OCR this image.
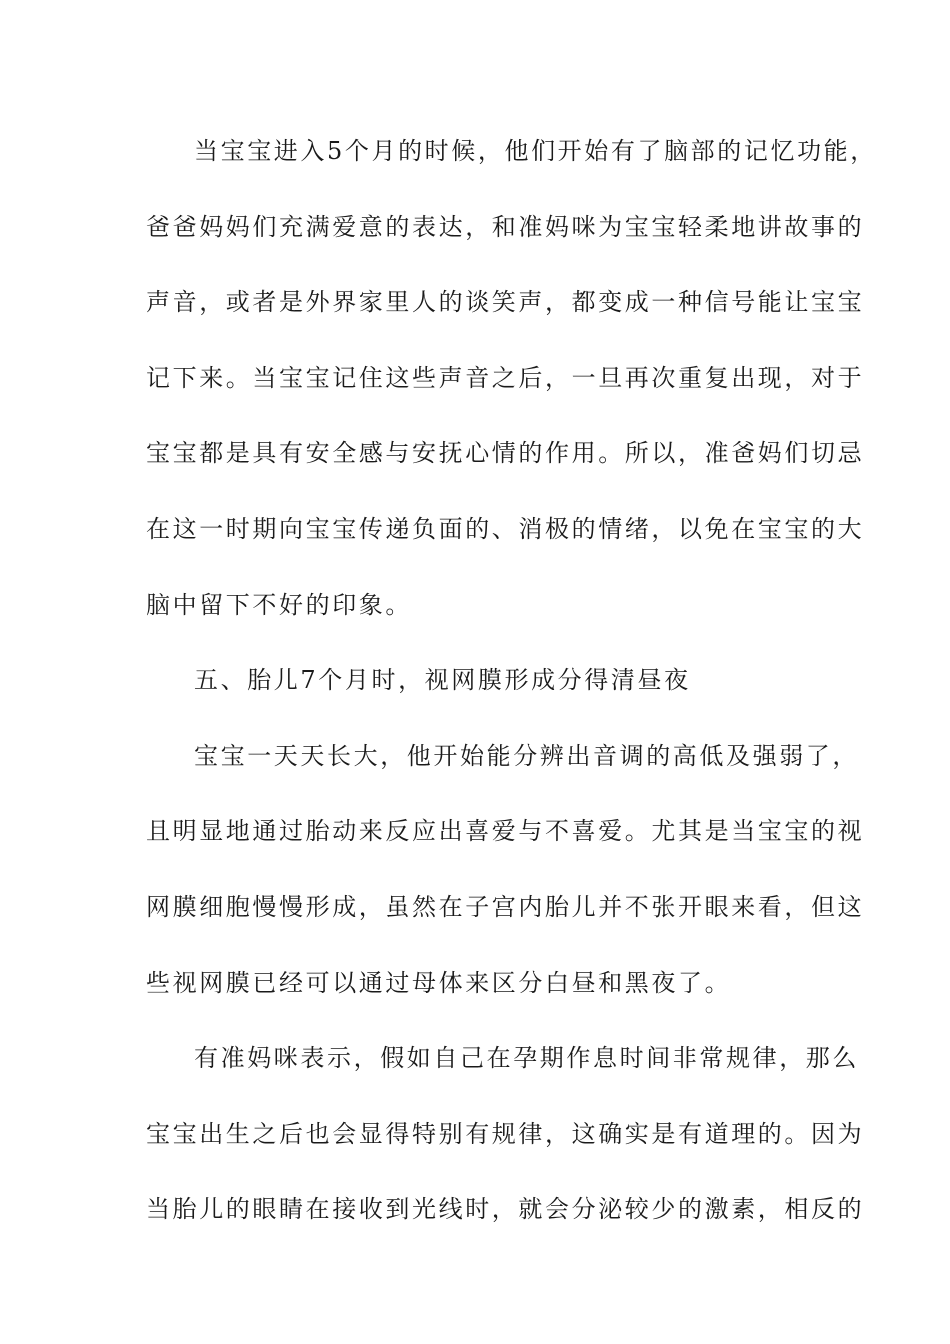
当宝宝进入5个月的时候，他们开始有了脑部的记忆功能，
爸爸妈妈们充满爱意的表达，和准妈咪为宝宝轻柔地讲故事的
声音，或者是外界家里人的谈笑声，都变成一种信号能让宝宝
记下来。当宝宝记住这些声音之后，一旦再次重复出现，对于
宝宝都是具有安全感与安抚心情的作用。所以，准爸妈们切忌
在这一时期向宝宝传递负面的、消极的情绪，以免在宝宝的大
脑中留下不好的印象。
五、胎儿7个月时，视网膜形成分得清昼夜
宝宝一天天长大，他开始能分辨出音调的高低及强弱了，
且明显地通过胎动来反应出喜爱与不喜爱。尤其是当宝宝的视
网膜细胞慢慢形成，虽然在子宫内胎儿并不张开眼来看，但这
些视网膜已经可以通过母体来区分白昼和黑夜了。
有准妈咪表示，假如自己在孕期作息时间非常规律，那么
宝宝出生之后也会显得特别有规律，这确实是有道理的。因为
当胎儿的眼睛在接收到光线时，就会分泌较少的激素，相反的
